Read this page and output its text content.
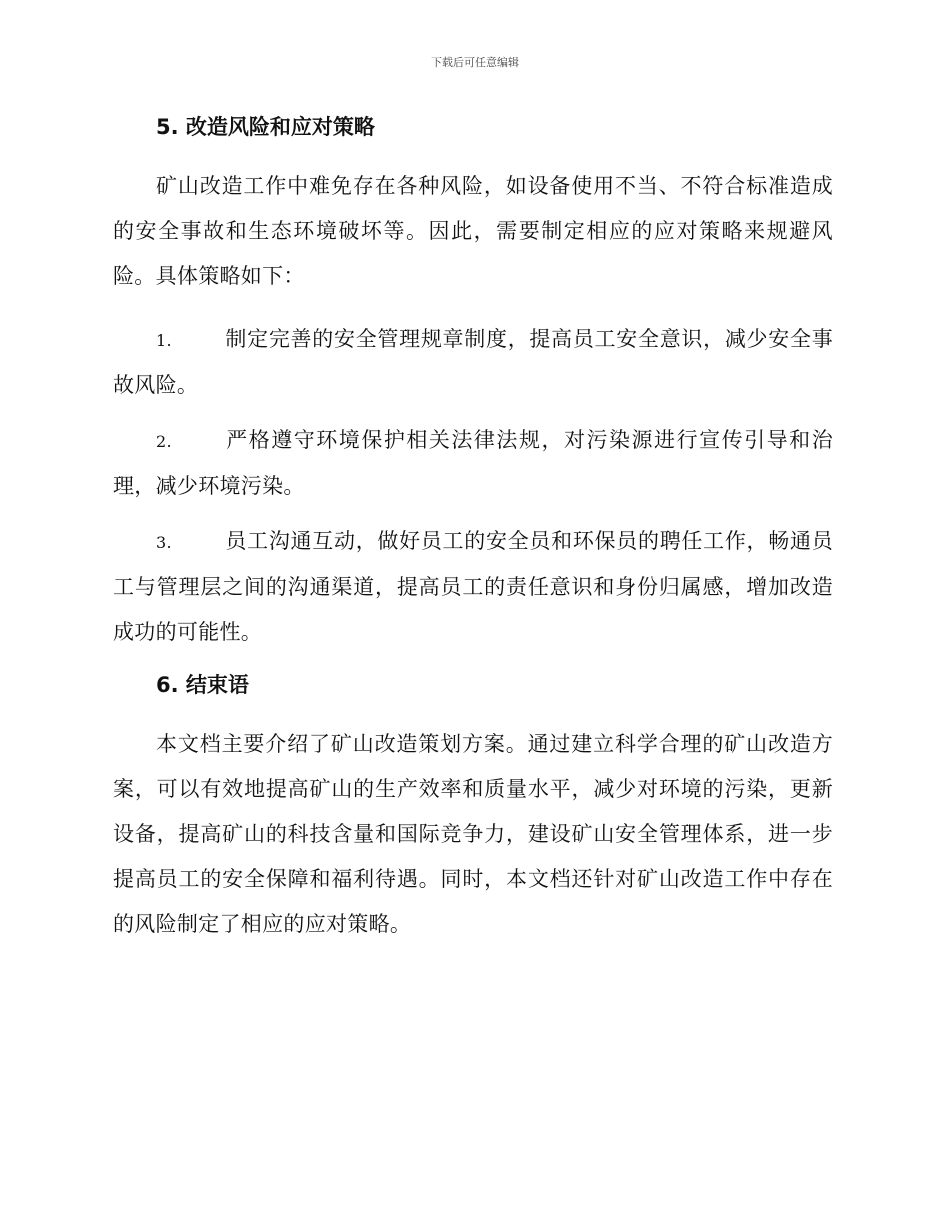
下载后可任意编辑
5. 改造风险和应对策略

矿山改造工作中难免存在各种风险，如设备使用不当、不符合标准造成的安全事故和生态环境破坏等。因此，需要制定相应的应对策略来规避风险。具体策略如下：

1.	制定完善的安全管理规章制度，提高员工安全意识，减少安全事故风险。
2.	严格遵守环境保护相关法律法规，对污染源进行宣传引导和治理，减少环境污染。
3.	员工沟通互动，做好员工的安全员和环保员的聘任工作，畅通员工与管理层之间的沟通渠道，提高员工的责任意识和身份归属感，增加改造成功的可能性。
6. 结束语

本文档主要介绍了矿山改造策划方案。通过建立科学合理的矿山改造方案，可以有效地提高矿山的生产效率和质量水平，减少对环境的污染，更新设备，提高矿山的科技含量和国际竞争力，建设矿山安全管理体系，进一步提高员工的安全保障和福利待遇。同时，本文档还针对矿山改造工作中存在的风险制定了相应的应对策略。
